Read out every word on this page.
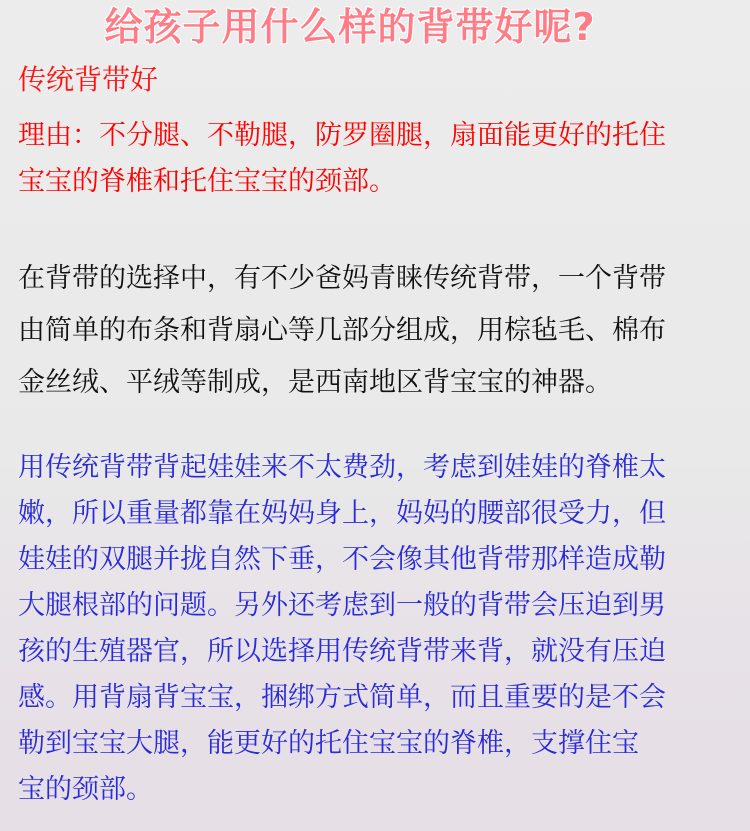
给孩子用什么样的背带好呢?
传统背带好
理由：不分腿、不勒腿，防罗圈腿，扇面能更好的托住
宝宝的脊椎和托住宝宝的颈部。
在背带的选择中，有不少爸妈青睐传统背带，一个背带
由简单的布条和背扇心等几部分组成，用棕毡毛、棉布
金丝绒、平绒等制成，是西南地区背宝宝的神器。
用传统背带背起娃娃来不太费劲，考虑到娃娃的脊椎太
嫩，所以重量都靠在妈妈身上，妈妈的腰部很受力，但
娃娃的双腿并拢自然下垂，不会像其他背带那样造成勒
大腿根部的问题。另外还考虑到一般的背带会压迫到男
孩的生殖器官，所以选择用传统背带来背，就没有压迫
感。用背扇背宝宝，捆绑方式简单，而且重要的是不会
勒到宝宝大腿，能更好的托住宝宝的脊椎，支撑住宝
宝的颈部。
